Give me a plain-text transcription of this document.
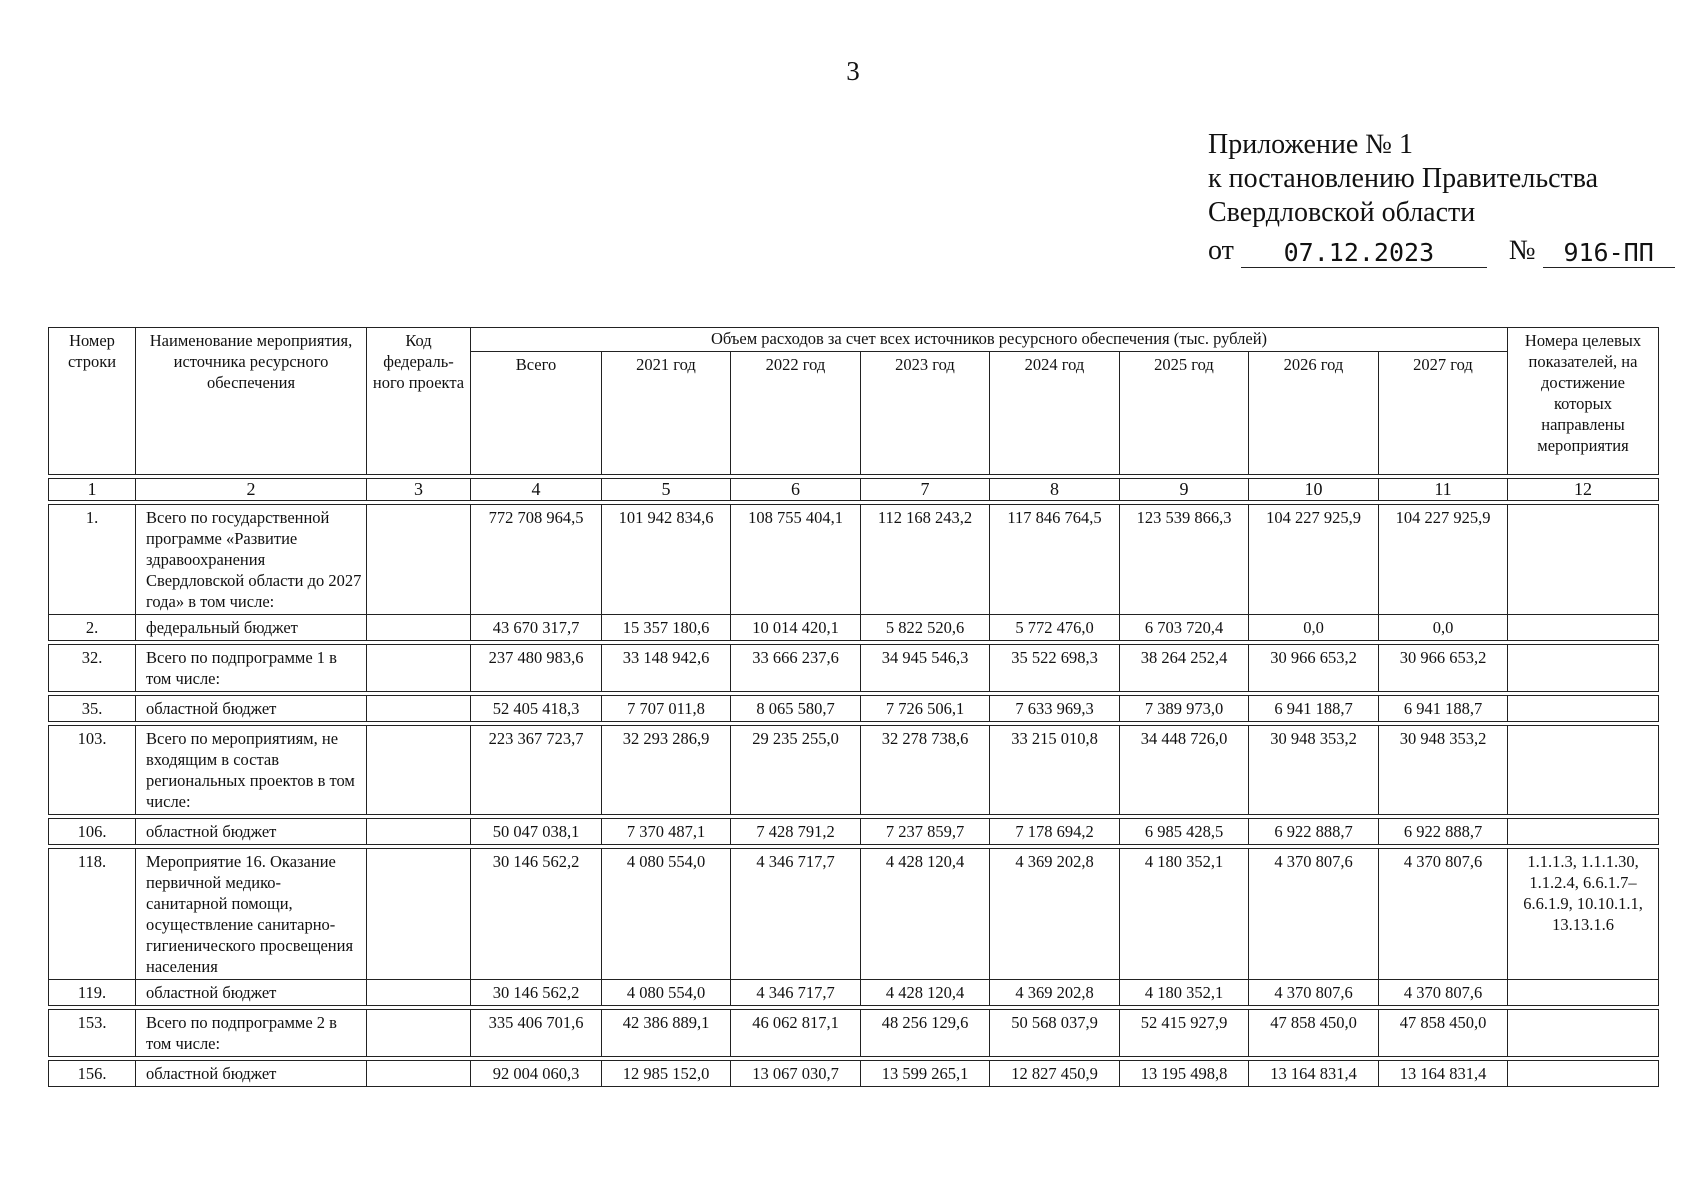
3
Приложение № 1
к постановлению Правительства
Свердловской области
от 07.12.2023	№ 916-ПП
Номер строки	Наименование мероприятия, источника ресурсного обеспечения	Код федераль-ного проекта	Объем расходов за счет всех источников ресурсного обеспечения (тыс. рублей)								Номера целевых показателей, на достижение которых направлены мероприятия
			Всего	2021 год	2022 год	2023 год	2024 год	2025 год	2026 год	2027 год	

1	2	3	4	5	6	7	8	9	10	11	12

1.	Всего по государственной программе «Развитие здравоохранения Свердловской области до 2027 года» в том числе:		772 708 964,5	101 942 834,6	108 755 404,1	112 168 243,2	117 846 764,5	123 539 866,3	104 227 925,9	104 227 925,9	
2.	федеральный бюджет		43 670 317,7	15 357 180,6	10 014 420,1	5 822 520,6	5 772 476,0	6 703 720,4	0,0	0,0	

32.	Всего по подпрограмме 1 в том числе:		237 480 983,6	33 148 942,6	33 666 237,6	34 945 546,3	35 522 698,3	38 264 252,4	30 966 653,2	30 966 653,2	

35.	областной бюджет		52 405 418,3	7 707 011,8	8 065 580,7	7 726 506,1	7 633 969,3	7 389 973,0	6 941 188,7	6 941 188,7	

103.	Всего по мероприятиям, не входящим в состав региональных проектов в том числе:		223 367 723,7	32 293 286,9	29 235 255,0	32 278 738,6	33 215 010,8	34 448 726,0	30 948 353,2	30 948 353,2	

106.	областной бюджет		50 047 038,1	7 370 487,1	7 428 791,2	7 237 859,7	7 178 694,2	6 985 428,5	6 922 888,7	6 922 888,7	

118.	Мероприятие 16. Оказание первичной медико-санитарной помощи, осуществление санитарно-гигиенического просвещения населения		30 146 562,2	4 080 554,0	4 346 717,7	4 428 120,4	4 369 202,8	4 180 352,1	4 370 807,6	4 370 807,6	1.1.1.3, 1.1.1.30, 1.1.2.4, 6.6.1.7–6.6.1.9, 10.10.1.1, 13.13.1.6
119.	областной бюджет		30 146 562,2	4 080 554,0	4 346 717,7	4 428 120,4	4 369 202,8	4 180 352,1	4 370 807,6	4 370 807,6	

153.	Всего по подпрограмме 2 в том числе:		335 406 701,6	42 386 889,1	46 062 817,1	48 256 129,6	50 568 037,9	52 415 927,9	47 858 450,0	47 858 450,0	

156.	областной бюджет		92 004 060,3	12 985 152,0	13 067 030,7	13 599 265,1	12 827 450,9	13 195 498,8	13 164 831,4	13 164 831,4	
